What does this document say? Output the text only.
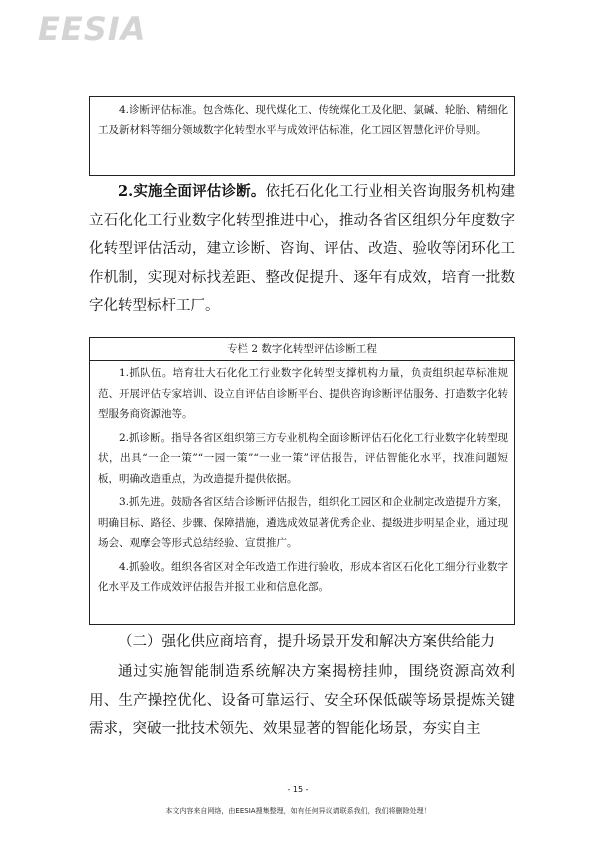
EESIA

4.诊断评估标准。包含炼化、现代煤化工、传统煤化工及化肥、氯碱、轮胎、精细化工及新材料等细分领域数字化转型水平与成效评估标准，化工园区智慧化评价导则。

2.实施全面评估诊断。依托石化化工行业相关咨询服务机构建立石化化工行业数字化转型推进中心，推动各省区组织分年度数字化转型评估活动，建立诊断、咨询、评估、改造、验收等闭环化工作机制，实现对标找差距、整改促提升、逐年有成效，培育一批数字化转型标杆工厂。

专栏 2 数字化转型评估诊断工程

1.抓队伍。培育壮大石化化工行业数字化转型支撑机构力量，负责组织起草标准规范、开展评估专家培训、设立自评估自诊断平台、提供咨询诊断评估服务、打造数字化转型服务商资源池等。

2.抓诊断。指导各省区组织第三方专业机构全面诊断评估石化化工行业数字化转型现状，出具“一企一策”“一园一策”“一业一策”评估报告，评估智能化水平，找准问题短板，明确改造重点，为改造提升提供依据。

3.抓先进。鼓励各省区结合诊断评估报告，组织化工园区和企业制定改造提升方案，明确目标、路径、步骤、保障措施，遴选成效显著优秀企业、提级进步明星企业，通过现场会、观摩会等形式总结经验、宣贯推广。

4.抓验收。组织各省区对全年改造工作进行验收，形成本省区石化化工细分行业数字化水平及工作成效评估报告并报工业和信息化部。

（二）强化供应商培育，提升场景开发和解决方案供给能力

通过实施智能制造系统解决方案揭榜挂帅，围绕资源高效利用、生产操控优化、设备可靠运行、安全环保低碳等场景提炼关键需求，突破一批技术领先、效果显著的智能化场景，夯实自主

- 15 -
本文内容来自网络，由EESIA搜集整理，如有任何异议请联系我们，我们将删除处理！
